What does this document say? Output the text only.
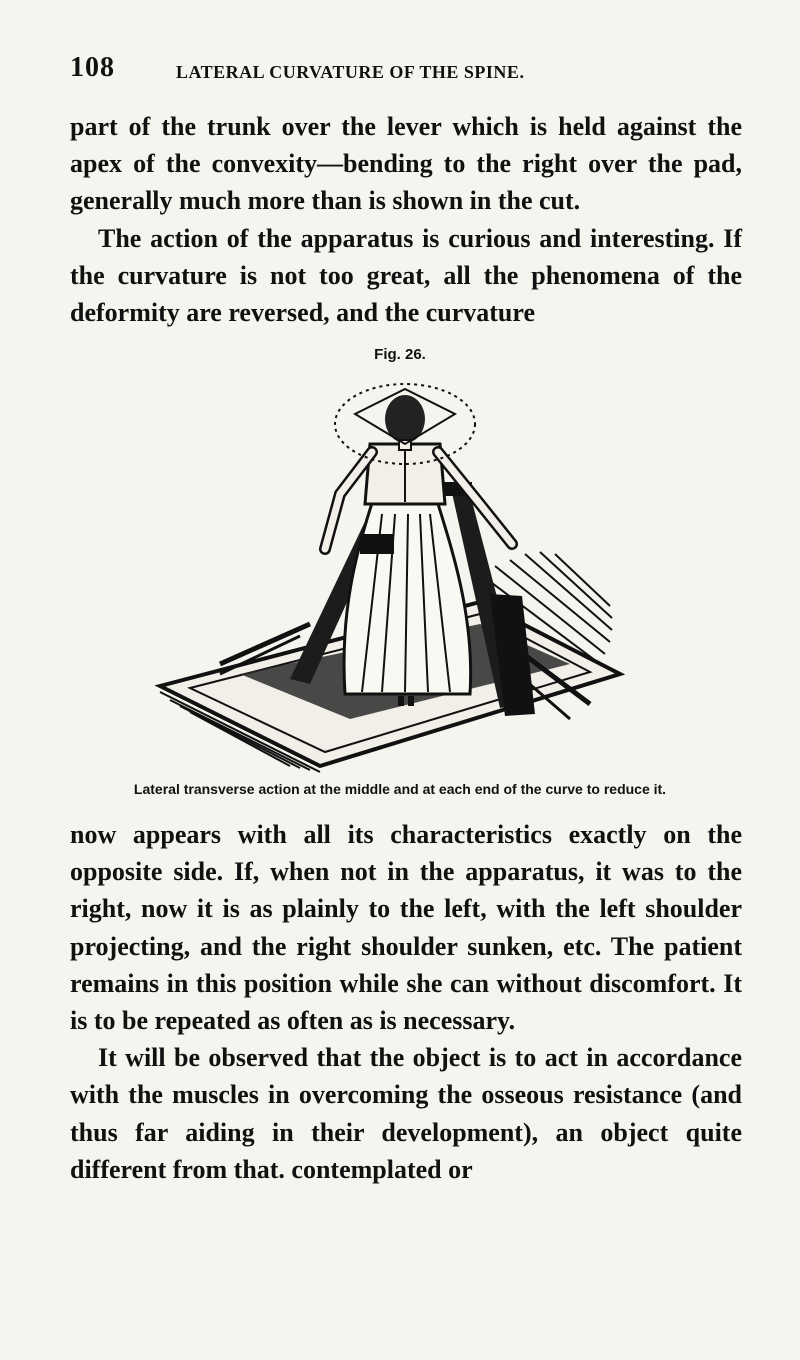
108	LATERAL CURVATURE OF THE SPINE.

part of the trunk over the lever which is held against the apex of the convexity—bending to the right over the pad, generally much more than is shown in the cut.

The action of the apparatus is curious and interesting. If the curvature is not too great, all the phenomena of the deformity are reversed, and the curvature

Fig. 26.
Lateral transverse action at the middle and at each end of the curve to reduce it.

now appears with all its characteristics exactly on the opposite side. If, when not in the apparatus, it was to the right, now it is as plainly to the left, with the left shoulder projecting, and the right shoulder sunken, etc. The patient remains in this position while she can without discomfort. It is to be repeated as often as is necessary.

It will be observed that the object is to act in accordance with the muscles in overcoming the osseous resistance (and thus far aiding in their development), an object quite different from that. contemplated or
